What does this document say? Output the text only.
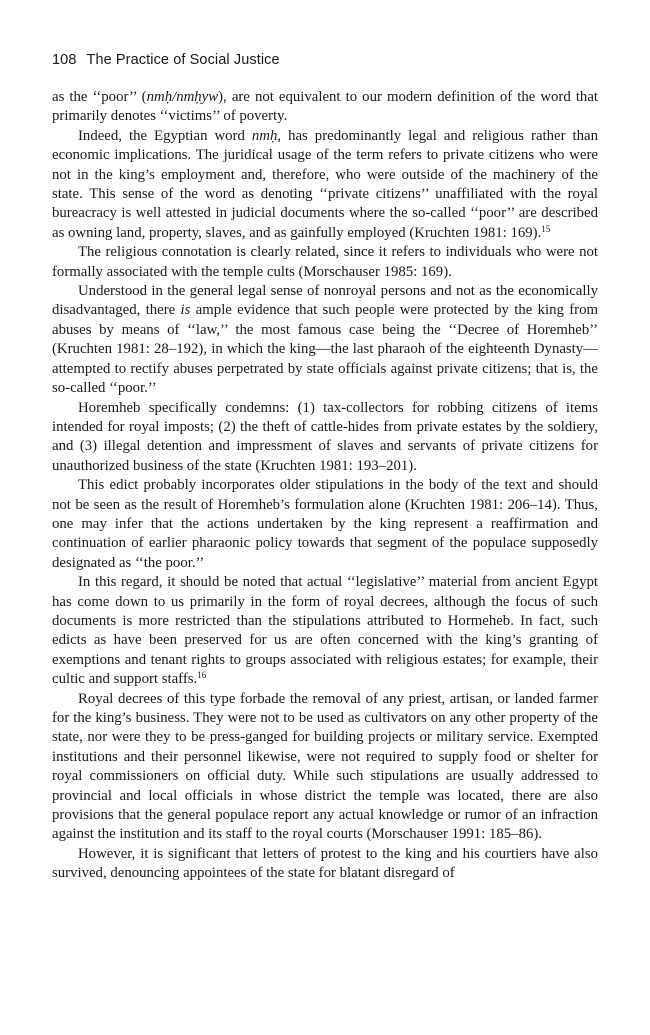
108 The Practice of Social Justice

as the ‘‘poor’’ (nmḥ/nmḥyw), are not equivalent to our modern definition of the word that primarily denotes ‘‘victims’’ of poverty.

Indeed, the Egyptian word nmḥ, has predominantly legal and religious rather than economic implications. The juridical usage of the term refers to private citizens who were not in the king’s employment and, therefore, who were outside of the machinery of the state. This sense of the word as denoting ‘‘private citizens’’ unaffiliated with the royal bureacracy is well attested in judicial documents where the so-called ‘‘poor’’ are described as owning land, property, slaves, and as gainfully employed (Kruchten 1981: 169).$^{15}$

The religious connotation is clearly related, since it refers to individuals who were not formally associated with the temple cults (Morschauser 1985: 169).

Understood in the general legal sense of nonroyal persons and not as the economically disadvantaged, there is ample evidence that such people were protected by the king from abuses by means of ‘‘law,’’ the most famous case being the ‘‘Decree of Horemheb’’ (Kruchten 1981: 28–192), in which the king—the last pharaoh of the eighteenth Dynasty—attempted to rectify abuses perpetrated by state officials against private citizens; that is, the so-called ‘‘poor.’’

Horemheb specifically condemns: (1) tax-collectors for robbing citizens of items intended for royal imposts; (2) the theft of cattle-hides from private estates by the soldiery, and (3) illegal detention and impressment of slaves and servants of private citizens for unauthorized business of the state (Kruchten 1981: 193–201).

This edict probably incorporates older stipulations in the body of the text and should not be seen as the result of Horemheb’s formulation alone (Kruchten 1981: 206–14). Thus, one may infer that the actions undertaken by the king represent a reaffirmation and continuation of earlier pharaonic policy towards that segment of the populace supposedly designated as ‘‘the poor.’’

In this regard, it should be noted that actual ‘‘legislative’’ material from ancient Egypt has come down to us primarily in the form of royal decrees, although the focus of such documents is more restricted than the stipulations attributed to Hormeheb. In fact, such edicts as have been preserved for us are often concerned with the king’s granting of exemptions and tenant rights to groups associated with religious estates; for example, their cultic and support staffs.$^{16}$

Royal decrees of this type forbade the removal of any priest, artisan, or landed farmer for the king’s business. They were not to be used as cultivators on any other property of the state, nor were they to be press-ganged for building projects or military service. Exempted institutions and their personnel likewise, were not required to supply food or shelter for royal commissioners on official duty. While such stipulations are usually addressed to provincial and local officials in whose district the temple was located, there are also provisions that the general populace report any actual knowledge or rumor of an infraction against the institution and its staff to the royal courts (Morschauser 1991: 185–86).

However, it is significant that letters of protest to the king and his courtiers have also survived, denouncing appointees of the state for blatant disregard of
